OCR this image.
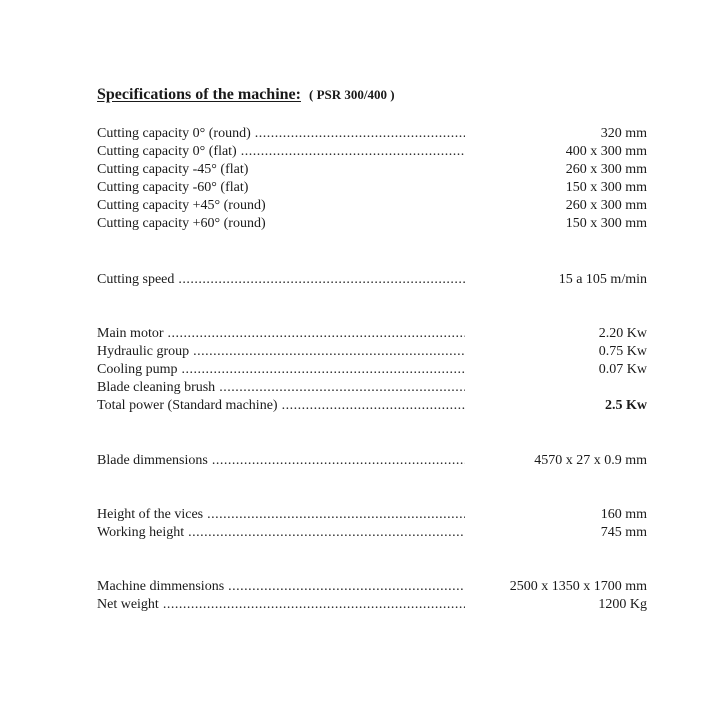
Specifications of the machine: ( PSR 300/400 )
Cutting capacity 0° (round) .....	320 mm
Cutting capacity 0° (flat) .....	400 x 300 mm
Cutting capacity -45° (flat)	260 x 300 mm
Cutting capacity -60° (flat)	150 x 300 mm
Cutting capacity +45° (round)	260 x 300 mm
Cutting capacity +60° (round)	150 x 300 mm
Cutting speed .....	15 a 105 m/min
Main motor .....	2.20 Kw
Hydraulic group .....	0.75 Kw
Cooling pump .....	0.07 Kw
Blade cleaning brush .....
Total power (Standard machine) .....	2.5 Kw
Blade dimmensions .....	4570 x 27 x 0.9 mm
Height of the vices .....	160 mm
Working height .....	745 mm
Machine dimmensions .....	2500 x 1350 x 1700 mm
Net weight .....	1200 Kg
